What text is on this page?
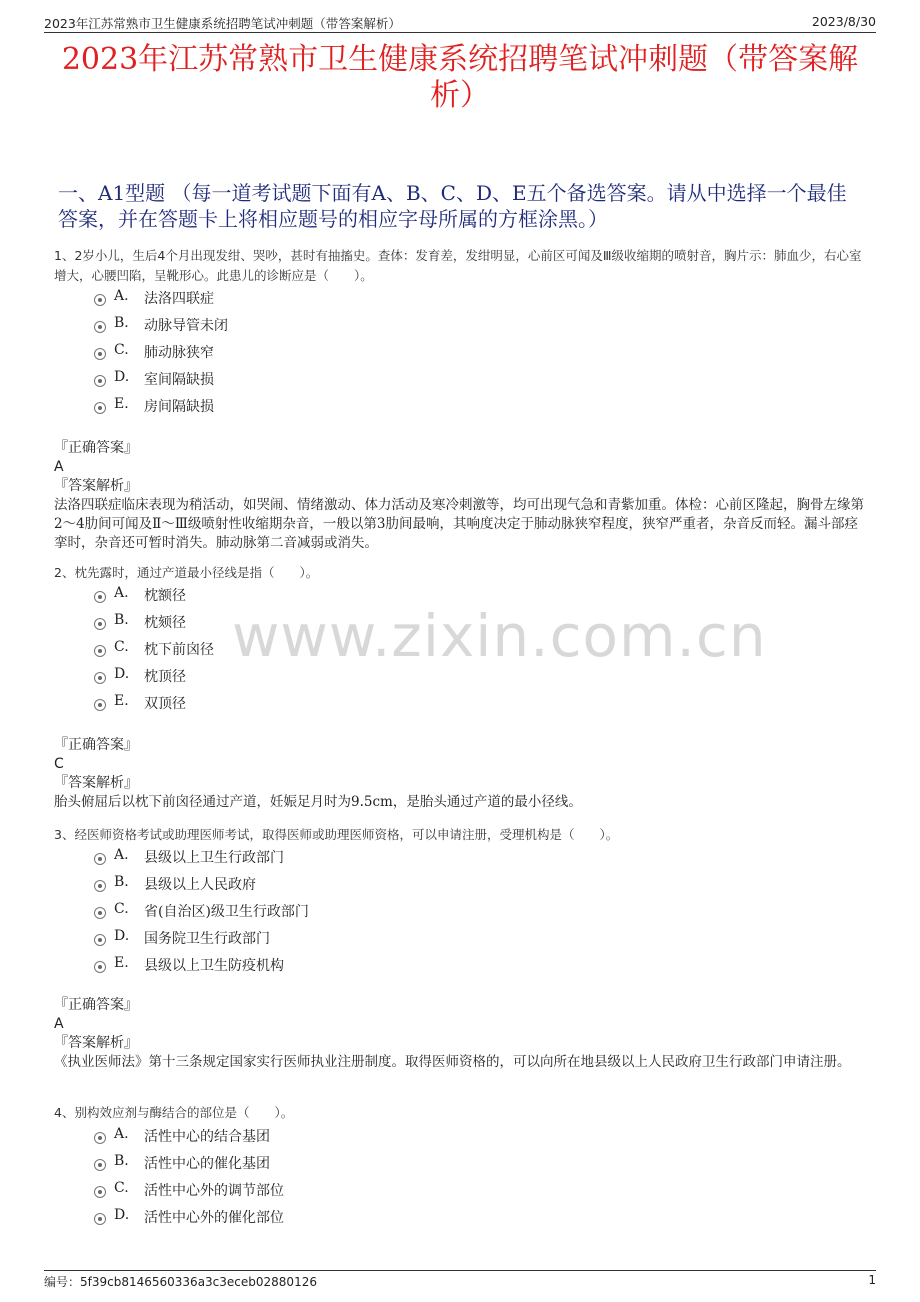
2023年江苏常熟市卫生健康系统招聘笔试冲刺题（带答案解析）	2023/8/30
2023年江苏常熟市卫生健康系统招聘笔试冲刺题（带答案解析）
一、A1型题 （每一道考试题下面有A、B、C、D、E五个备选答案。请从中选择一个最佳答案，并在答题卡上将相应题号的相应字母所属的方框涂黑。）
www.zixin.com.cn
1、2岁小儿，生后4个月出现发绀、哭吵，甚时有抽搐史。查体：发育差，发绀明显，心前区可闻及Ⅲ级收缩期的喷射音，胸片示：肺血少，右心室增大，心腰凹陷，呈靴形心。此患儿的诊断应是（　　）。
A. 法洛四联症
B. 动脉导管未闭
C. 肺动脉狭窄
D. 室间隔缺损
E. 房间隔缺损
『正确答案』
A
『答案解析』
法洛四联症临床表现为稍活动，如哭闹、情绪激动、体力活动及寒冷刺激等，均可出现气急和青紫加重。体检：心前区隆起，胸骨左缘第2～4肋间可闻及Ⅱ～Ⅲ级喷射性收缩期杂音，一般以第3肋间最响，其响度决定于肺动脉狭窄程度，狭窄严重者，杂音反而轻。漏斗部痉挛时，杂音还可暂时消失。肺动脉第二音减弱或消失。
2、枕先露时，通过产道最小径线是指（　　）。
A. 枕额径
B. 枕颏径
C. 枕下前囟径
D. 枕顶径
E. 双顶径
『正确答案』
C
『答案解析』
胎头俯屈后以枕下前囟径通过产道，妊娠足月时为9.5cm，是胎头通过产道的最小径线。
3、经医师资格考试或助理医师考试，取得医师或助理医师资格，可以申请注册，受理机构是（　　）。
A. 县级以上卫生行政部门
B. 县级以上人民政府
C. 省(自治区)级卫生行政部门
D. 国务院卫生行政部门
E. 县级以上卫生防疫机构
『正确答案』
A
『答案解析』
《执业医师法》第十三条规定国家实行医师执业注册制度。取得医师资格的，可以向所在地县级以上人民政府卫生行政部门申请注册。
4、别构效应剂与酶结合的部位是（　　）。
A. 活性中心的结合基团
B. 活性中心的催化基团
C. 活性中心外的调节部位
D. 活性中心外的催化部位
编号：5f39cb8146560336a3c3eceb02880126	1
